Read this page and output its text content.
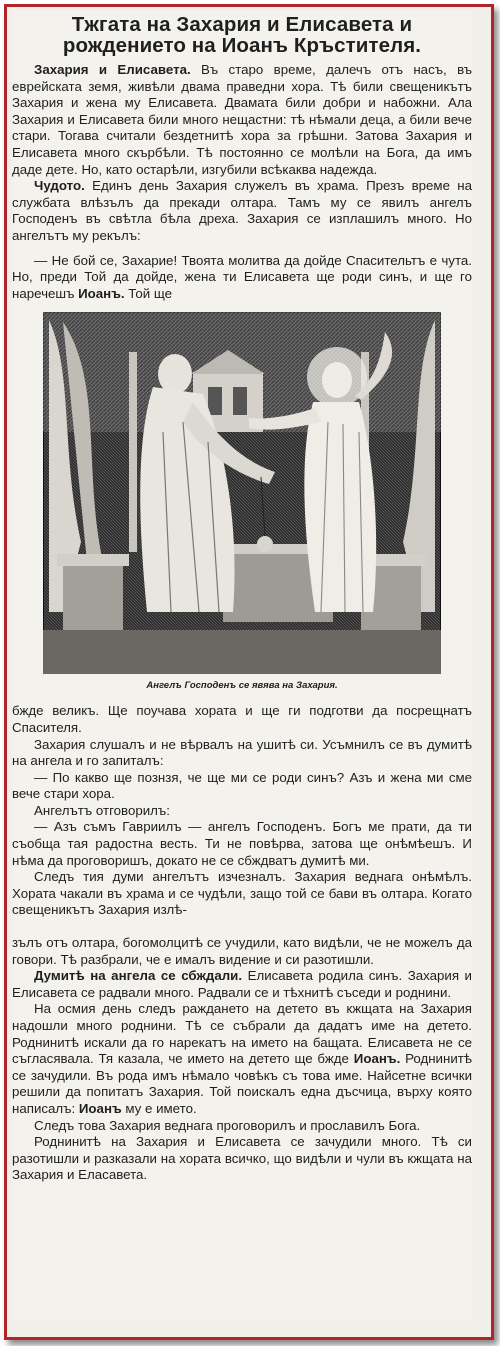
Тжгата на Захария и Елисавета и рождението на Иоанъ Кръстителя.

Захария и Елисавета. Въ старо време, далечъ отъ насъ, въ еврейската земя, живѣли двама праведни хора. Тѣ били свещеникътъ Захария и жена му Елисавета. Двамата били добри и набожни. Ала Захария и Елисавета били много нещастни: тѣ нѣмали деца, а били вече стари. Тогава считали бездетнитѣ хора за грѣшни. Затова Захария и Елисавета много скърбѣли. Тѣ постоянно се молѣли на Бога, да имъ даде дете. Но, като остарѣли, изгубили всѣкаква надежда.

Чудото. Единъ день Захария служелъ въ храма. Презъ време на службата влѣзълъ да прекади олтара. Тамъ му се явилъ ангелъ Господенъ въ свѣтла бѣла дреха. Захария се изплашилъ много. Но ангелътъ му рекълъ:

— Не бой се, Захарие! Твоята молитва да дойде Спасительтъ е чута. Но, преди Той да дойде, жена ти Елисавета ще роди синъ, и ще го наречешъ Иоанъ. Той ще

Ангелъ Господенъ се явява на Захария.

бжде великъ. Ще поучава хората и ще ги подготви да посрещнатъ Спасителя.

Захария слушалъ и не вѣрвалъ на ушитѣ си. Усъмнилъ се въ думитѣ на ангела и го запиталъ:

— По какво ще познзя, че ще ми се роди синъ? Азъ и жена ми сме вече стари хора.

Ангелътъ отговорилъ:

— Азъ съмъ Гавриилъ — ангелъ Господенъ. Богъ ме прати, да ти съобща тая радостна весть. Ти не повѣрва, затова ще онѣмѣешъ. И нѣма да проговоришъ, докато не се сбждватъ думитѣ ми.

Следъ тия думи ангелътъ изчезналъ. Захария веднага онѣмѣлъ. Хората чакали въ храма и се чудѣли, защо той се бави въ олтара. Когато свещеникътъ Захария излѣ-

зълъ отъ олтара, богомолцитѣ се учудили, като видѣли, че не можелъ да говори. Тѣ разбрали, че е ималъ видение и си разотишли.

Думитѣ на ангела се сбждали. Елисавета родила синъ. Захария и Елисавета се радвали много. Радвали се и тѣхнитѣ съседи и роднини.

На осмия день следъ раждането на детето въ кжщата на Захария надошли много роднини. Тѣ се събрали да дадатъ име на детето. Роднинитѣ искали да го нарекатъ на името на бащата. Елисавета не се съгласявала. Тя казала, че името на детето ще бжде Иоанъ. Роднинитѣ се зачудили. Въ рода имъ нѣмало човѣкъ съ това име. Найсетне всички решили да попитатъ Захария. Той поискалъ една дъсчица, върху която написалъ: Иоанъ му е името.

Следъ това Захария веднага проговорилъ и прославилъ Бога.

Роднинитѣ на Захария и Елисавета се зачудили много. Тѣ си разотишли и разказали на хората всичко, що видѣли и чули въ кжщата на Захария и Еласавета.
